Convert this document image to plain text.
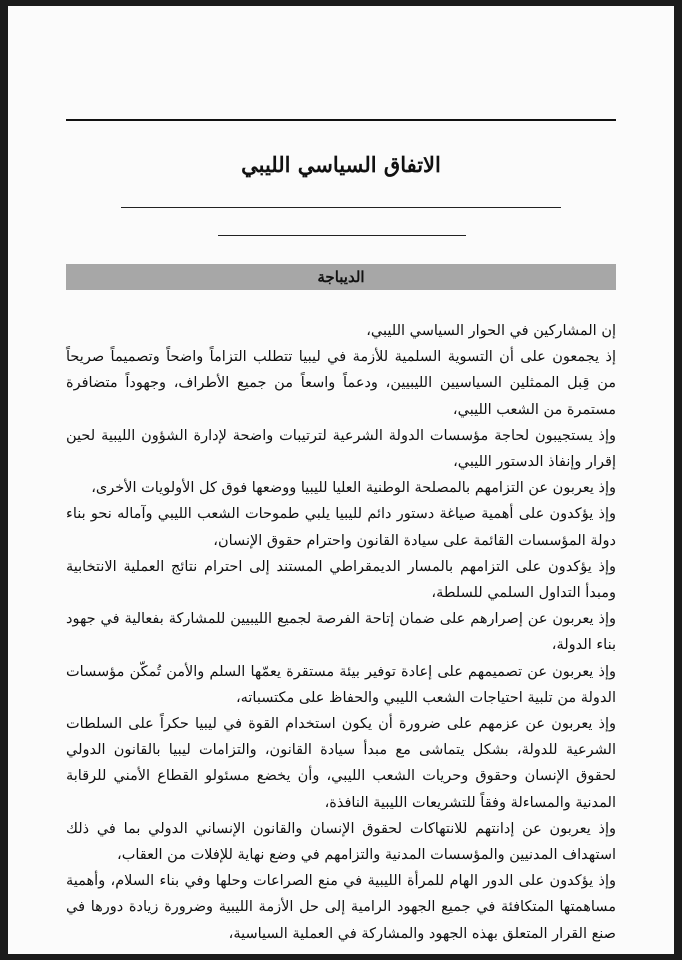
الاتفاق السياسي الليبي
الديباجة

إن المشاركين في الحوار السياسي الليبي،

إذ يجمعون على أن التسوية السلمية للأزمة في ليبيا تتطلب التزاماً واضحاً وتصميماً صريحاً من قِبل الممثلين السياسيين الليبيين، ودعماً واسعاً من جميع الأطراف، وجهوداً متضافرة مستمرة من الشعب الليبي،

وإذ يستجيبون لحاجة مؤسسات الدولة الشرعية لترتيبات واضحة لإدارة الشؤون الليبية لحين إقرار وإنفاذ الدستور الليبي،

وإذ يعربون عن التزامهم بالمصلحة الوطنية العليا لليبيا ووضعها فوق كل الأولويات الأخرى،

وإذ يؤكدون على أهمية صياغة دستور دائم لليبيا يلبي طموحات الشعب الليبي وآماله نحو بناء دولة المؤسسات القائمة على سيادة القانون واحترام حقوق الإنسان،

وإذ يؤكدون على التزامهم بالمسار الديمقراطي المستند إلى احترام نتائج العملية الانتخابية ومبدأ التداول السلمي للسلطة،

وإذ يعربون عن إصرارهم على ضمان إتاحة الفرصة لجميع الليبيين للمشاركة بفعالية في جهود بناء الدولة،

وإذ يعربون عن تصميمهم على إعادة توفير بيئة مستقرة يعمّها السلم والأمن تُمكّن مؤسسات الدولة من تلبية احتياجات الشعب الليبي والحفاظ على مكتسباته،

وإذ يعربون عن عزمهم على ضرورة أن يكون استخدام القوة في ليبيا حكراً على السلطات الشرعية للدولة، بشكل يتماشى مع مبدأ سيادة القانون، والتزامات ليبيا بالقانون الدولي لحقوق الإنسان وحقوق وحريات الشعب الليبي، وأن يخضع مسئولو القطاع الأمني للرقابة المدنية والمساءلة وفقاً للتشريعات الليبية النافذة،

وإذ يعربون عن إدانتهم للانتهاكات لحقوق الإنسان والقانون الإنساني الدولي بما في ذلك استهداف المدنيين والمؤسسات المدنية والتزامهم في وضع نهاية للإفلات من العقاب،

وإذ يؤكدون على الدور الهام للمرأة الليبية في منع الصراعات وحلها وفي بناء السلام، وأهمية مساهمتها المتكافئة في جميع الجهود الرامية إلى حل الأزمة الليبية وضرورة زيادة دورها في صنع القرار المتعلق بهذه الجهود والمشاركة في العملية السياسية،
